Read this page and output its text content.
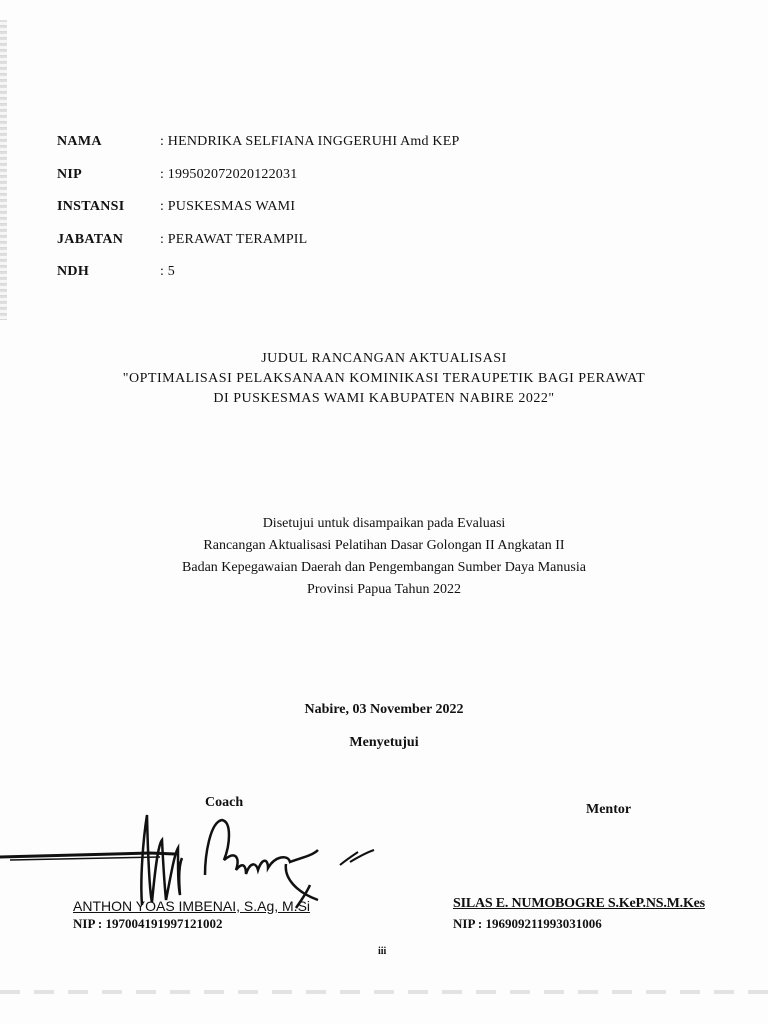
NAMA	: HENDRIKA SELFIANA INGGERUHI Amd KEP
NIP	: 199502072020122031
INSTANSI	: PUSKESMAS WAMI
JABATAN	: PERAWAT TERAMPIL
NDH	: 5
JUDUL RANCANGAN AKTUALISASI
"OPTIMALISASI PELAKSANAAN KOMINIKASI TERAUPETIK BAGI PERAWAT
DI PUSKESMAS WAMI KABUPATEN NABIRE 2022"
Disetujui untuk disampaikan pada Evaluasi
Rancangan Aktualisasi Pelatihan Dasar Golongan II Angkatan II
Badan Kepegawaian Daerah dan Pengembangan Sumber Daya Manusia
Provinsi Papua Tahun 2022
Nabire, 03 November 2022
Menyetujui
Coach	Mentor
ANTHON YOAS IMBENAI, S.Ag, M.Si
NIP : 197004191997121002
SILAS E. NUMOBOGRE S.KeP.NS.M.Kes
NIP : 196909211993031006
iii
